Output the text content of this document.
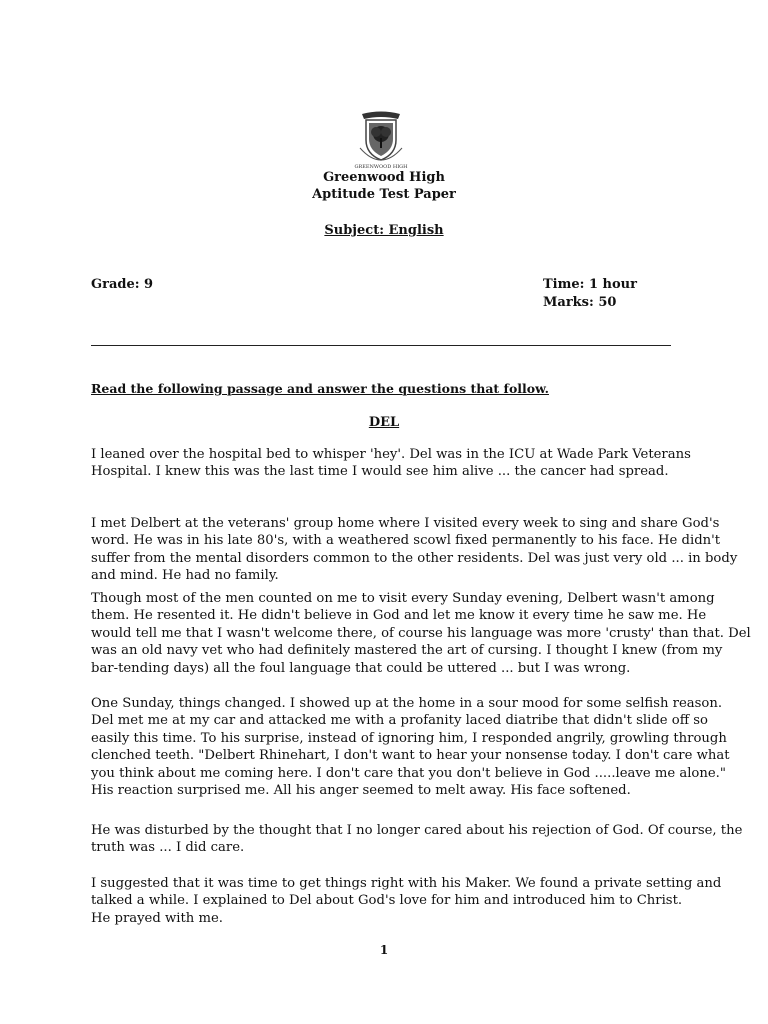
GREENWOOD HIGH
Greenwood High
Aptitude Test Paper
Subject: English
Grade: 9	Time: 1 hour
Marks: 50
Read the following passage and answer the questions that follow.
DEL
I leaned over the hospital bed to whisper 'hey'. Del was in the ICU at Wade Park Veterans
Hospital. I knew this was the last time I would see him alive ... the cancer had spread.
I met Delbert at the veterans' group home where I visited every week to sing and share God's
word. He was in his late 80's, with a weathered scowl fixed permanently to his face. He didn't
suffer from the mental disorders common to the other residents. Del was just very old ... in body
and mind. He had no family.
Though most of the men counted on me to visit every Sunday evening, Delbert wasn't among
them. He resented it. He didn't believe in God and let me know it every time he saw me. He
would tell me that I wasn't welcome there, of course his language was more 'crusty' than that. Del
was an old navy vet who had definitely mastered the art of cursing. I thought I knew (from my
bar-tending days) all the foul language that could be uttered ... but I was wrong.
One Sunday, things changed. I showed up at the home in a sour mood for some selfish reason.
Del met me at my car and attacked me with a profanity laced diatribe that didn't slide off so
easily this time. To his surprise, instead of ignoring him, I responded angrily, growling through
clenched teeth. "Delbert Rhinehart, I don't want to hear your nonsense today. I don't care what
you think about me coming here. I don't care that you don't believe in God .....leave me alone."
His reaction surprised me. All his anger seemed to melt away. His face softened.
He was disturbed by the thought that I no longer cared about his rejection of God. Of course, the
truth was ... I did care.
I suggested that it was time to get things right with his Maker. We found a private setting and
talked a while. I explained to Del about God's love for him and introduced him to Christ.
He prayed with me.
1
